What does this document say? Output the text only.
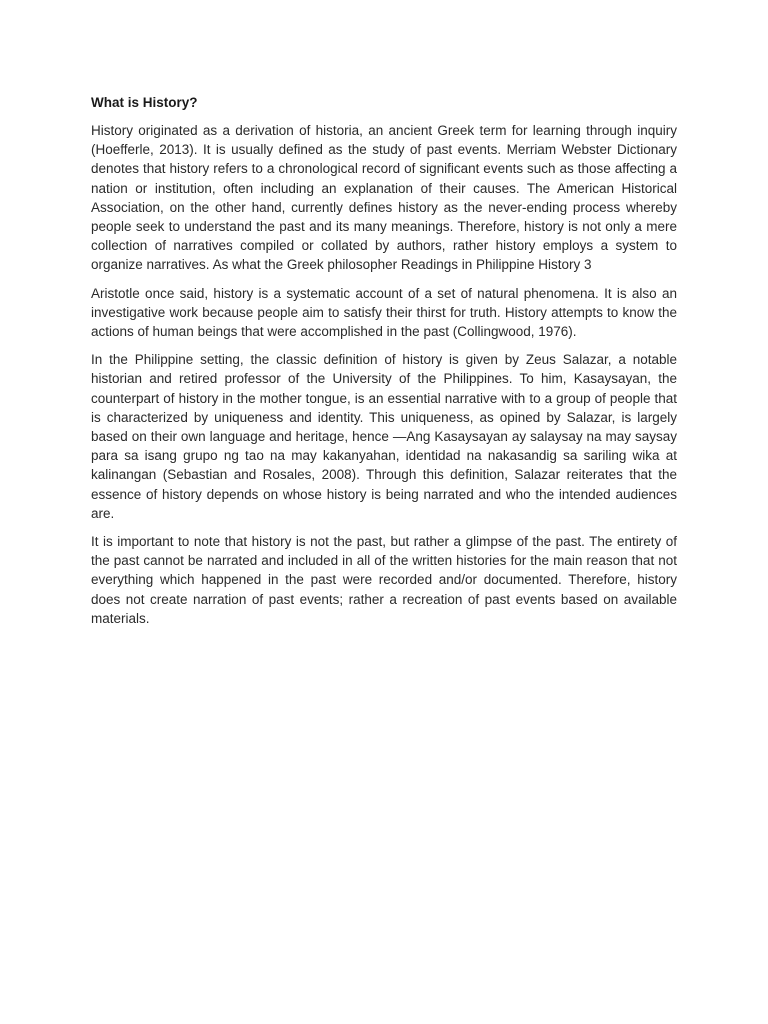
What is History?

History originated as a derivation of historia, an ancient Greek term for learning through inquiry (Hoefferle, 2013). It is usually defined as the study of past events. Merriam Webster Dictionary denotes that history refers to a chronological record of significant events such as those affecting a nation or institution, often including an explanation of their causes. The American Historical Association, on the other hand, currently defines history as the never-ending process whereby people seek to understand the past and its many meanings. Therefore, history is not only a mere collection of narratives compiled or collated by authors, rather history employs a system to organize narratives. As what the Greek philosopher Readings in Philippine History 3

Aristotle once said, history is a systematic account of a set of natural phenomena. It is also an investigative work because people aim to satisfy their thirst for truth. History attempts to know the actions of human beings that were accomplished in the past (Collingwood, 1976).

In the Philippine setting, the classic definition of history is given by Zeus Salazar, a notable historian and retired professor of the University of the Philippines. To him, Kasaysayan, the counterpart of history in the mother tongue, is an essential narrative with to a group of people that is characterized by uniqueness and identity. This uniqueness, as opined by Salazar, is largely based on their own language and heritage, hence ―Ang Kasaysayan ay salaysay na may saysay para sa isang grupo ng tao na may kakanyahan, identidad na nakasandig sa sariling wika at kalinangan (Sebastian and Rosales, 2008). Through this definition, Salazar reiterates that the essence of history depends on whose history is being narrated and who the intended audiences are.

It is important to note that history is not the past, but rather a glimpse of the past. The entirety of the past cannot be narrated and included in all of the written histories for the main reason that not everything which happened in the past were recorded and/or documented. Therefore, history does not create narration of past events; rather a recreation of past events based on available materials.
